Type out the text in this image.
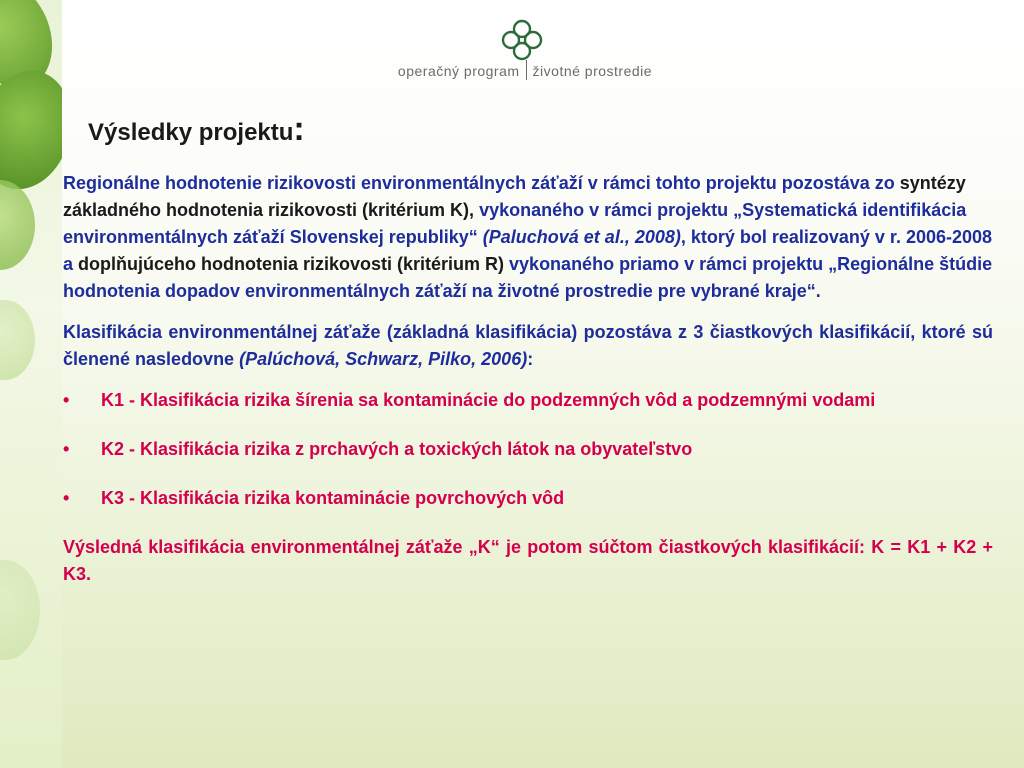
operačný program životné prostredie
Výsledky projektu:

Regionálne hodnotenie rizikovosti environmentálnych záťaží v rámci tohto projektu pozostáva zo syntézy základného hodnotenia rizikovosti (kritérium K), vykonaného v rámci projektu „Systematická identifikácia environmentálnych záťaží Slovenskej republiky“ (Paluchová et al., 2008), ktorý bol realizovaný v r. 2006-2008 a doplňujúceho hodnotenia rizikovosti (kritérium R) vykonaného priamo v rámci projektu „Regionálne štúdie hodnotenia dopadov environmentálnych záťaží na životné prostredie pre vybrané kraje“.

Klasifikácia environmentálnej záťaže (základná klasifikácia) pozostáva z 3 čiastkových klasifikácií, ktoré sú členené nasledovne (Palúchová, Schwarz, Pilko, 2006):

• K1 - Klasifikácia rizika šírenia sa kontaminácie do podzemných vôd a podzemnými vodami
• K2 - Klasifikácia rizika z prchavých a toxických látok na obyvateľstvo
• K3 - Klasifikácia rizika kontaminácie povrchových vôd

Výsledná klasifikácia environmentálnej záťaže „K“ je potom súčtom čiastkových klasifikácií: K = K1 + K2 + K3.
